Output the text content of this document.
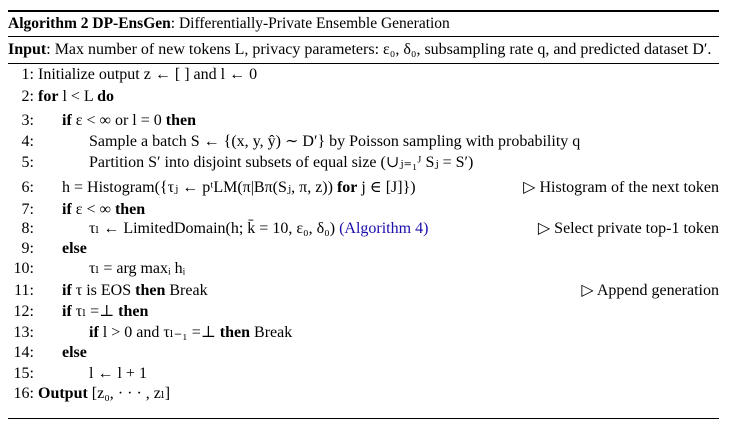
Algorithm 2 DP-EnsGen: Differentially-Private Ensemble Generation
Input: Max number of new tokens L, privacy parameters: ε₀, δ₀, subsampling rate q, and predicted dataset D′.
1: Initialize output z ← [ ] and l ← 0
2: for l < L do
3: if ε < ∞ or l = 0 then
4:	Sample a batch S ← {(x, y, ŷ) ∼ D′} by Poisson sampling with probability q
5:	Partition S′ into disjoint subsets of equal size (∪ⱼ₌₁ᴶ Sⱼ = S′)
6: h = Histogram({τⱼ ← pᵗLM(π|Bπ(Sⱼ, π, z)) for j ∈ [J]})	▷ Histogram of the next token
7: if ε < ∞ then
8:	τₗ ← LimitedDomain(h; k̄ = 10, ε₀, δ₀) (Algorithm 4)	▷ Select private top-1 token
9: else
10:	τₗ = arg maxᵢ hᵢ
11: if τ is EOS then Break	▷ Append generation
12: if τₗ =⊥ then
13:	if l > 0 and τₗ₋₁ =⊥ then Break
14: else
15:	l ← l + 1
16: Output [z₀, · · · , zₗ]
